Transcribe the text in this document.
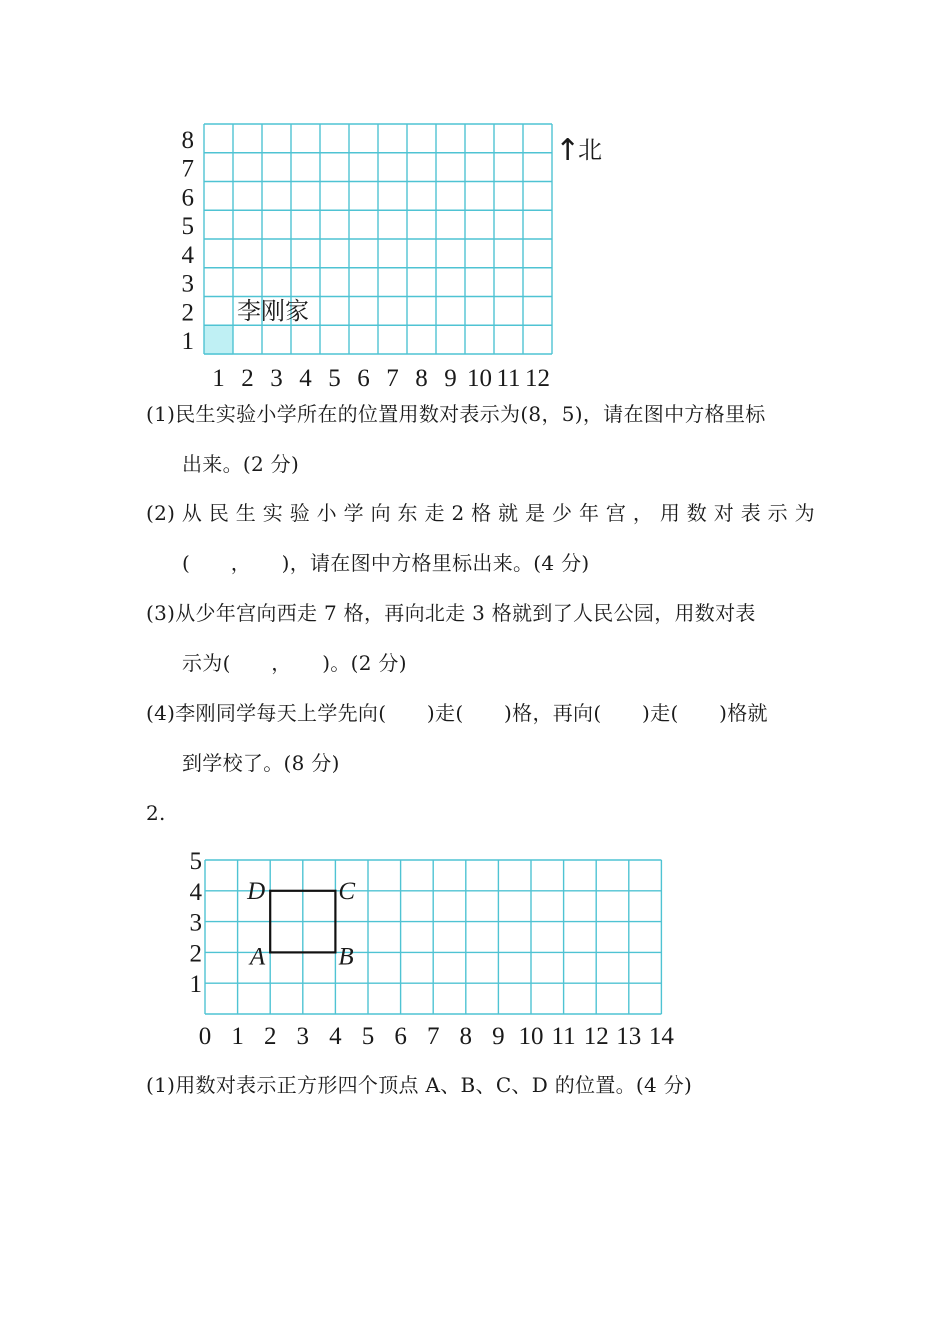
1
2
3
4
5
6
7
8
1 2 3 4 5 6 7 8 9 10 11 12
李刚家
↑
北
(1)民生实验小学所在的位置用数对表示为(8，5)，请在图中方格里标
出来。(2 分)
(2) 从 民 生 实 验 小 学 向 东 走 2 格 就 是 少 年 宫 ， 用 数 对 表 示 为
(　　，　　)，请在图中方格里标出来。(4 分)
(3)从少年宫向西走 7 格，再向北走 3 格就到了人民公园，用数对表
示为(　　，　　)。(2 分)
(4)李刚同学每天上学先向(　　)走(　　)格，再向(　　)走(　　)格就
到学校了。(8 分)
2.
1
2
3
4
5
0 1 2 3 4 5 6 7 8 9 10 11 12 13 14
A	B
C
D
(1)用数对表示正方形四个顶点 A、B、C、D 的位置。(4 分)
